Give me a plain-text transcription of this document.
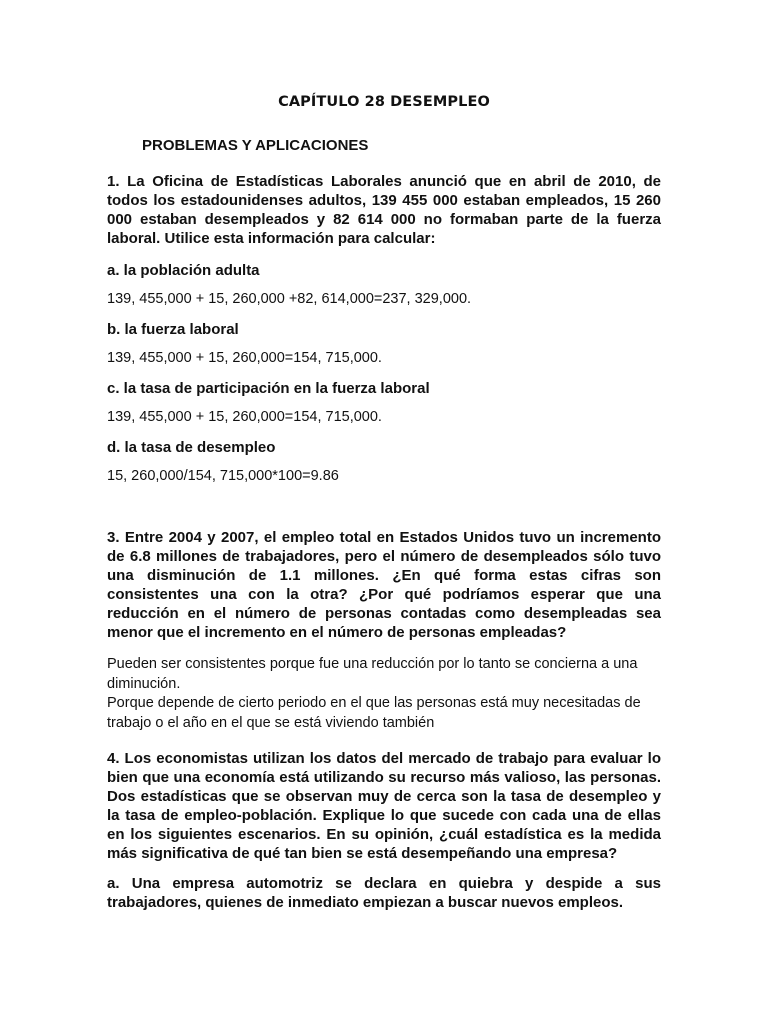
CAPÍTULO 28 DESEMPLEO
PROBLEMAS Y APLICACIONES
1. La Oficina de Estadísticas Laborales anunció que en abril de 2010, de todos los estadounidenses adultos, 139 455 000 estaban empleados, 15 260 000 estaban desempleados y 82 614 000 no formaban parte de la fuerza laboral. Utilice esta información para calcular:
a. la población adulta
139, 455,000 + 15, 260,000 +82, 614,000=237, 329,000.
b. la fuerza laboral
139, 455,000 + 15, 260,000=154, 715,000.
c. la tasa de participación en la fuerza laboral
139, 455,000 + 15, 260,000=154, 715,000.
d. la tasa de desempleo
15, 260,000/154, 715,000*100=9.86
3. Entre 2004 y 2007, el empleo total en Estados Unidos tuvo un incremento de 6.8 millones de trabajadores, pero el número de desempleados sólo tuvo una disminución de 1.1 millones. ¿En qué forma estas cifras son consistentes una con la otra? ¿Por qué podríamos esperar que una reducción en el número de personas contadas como desempleadas sea menor que el incremento en el número de personas empleadas?
Pueden ser consistentes porque fue una reducción por lo tanto se concierna a una diminución.
Porque depende de cierto periodo en el que las personas está muy necesitadas de trabajo o el año en el que se está viviendo también
4. Los economistas utilizan los datos del mercado de trabajo para evaluar lo bien que una economía está utilizando su recurso más valioso, las personas. Dos estadísticas que se observan muy de cerca son la tasa de desempleo y la tasa de empleo-población. Explique lo que sucede con cada una de ellas en los siguientes escenarios. En su opinión, ¿cuál estadística es la medida más significativa de qué tan bien se está desempeñando una empresa?
a. Una empresa automotriz se declara en quiebra y despide a sus trabajadores, quienes de inmediato empiezan a buscar nuevos empleos.
